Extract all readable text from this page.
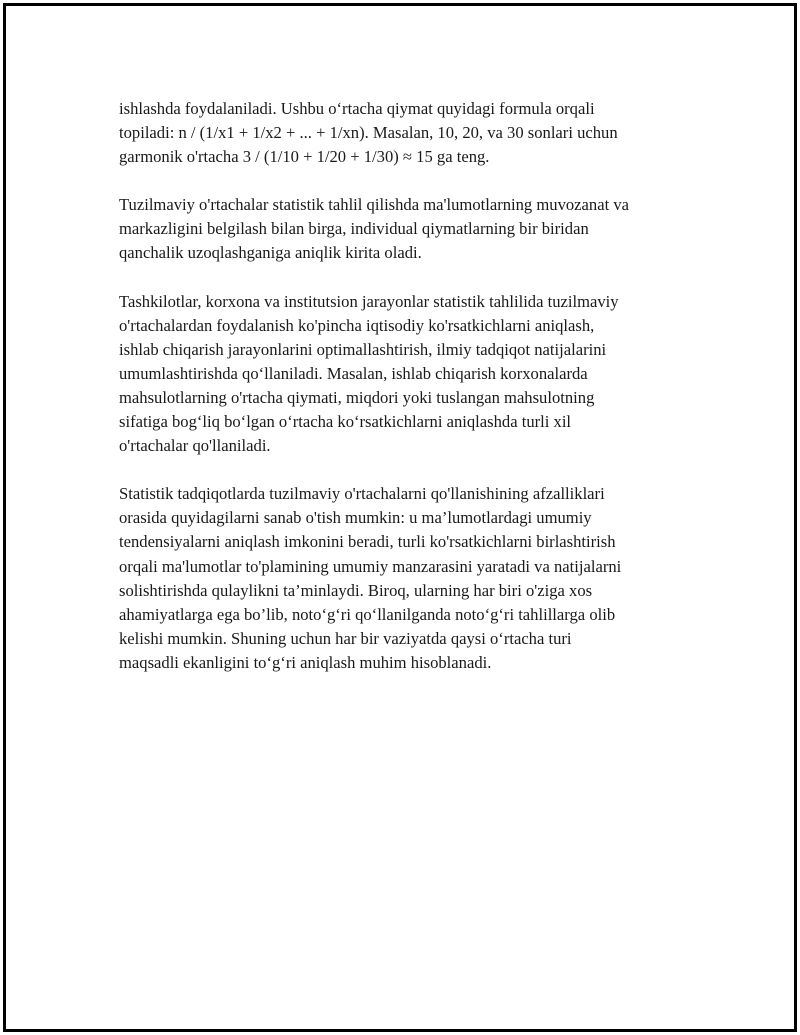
ishlashda foydalaniladi. Ushbu o‘rtacha qiymat quyidagi formula orqali
topiladi: n / (1/x1 + 1/x2 + ... + 1/xn). Masalan, 10, 20, va 30 sonlari uchun
garmonik o'rtacha 3 / (1/10 + 1/20 + 1/30) ≈ 15 ga teng.

Tuzilmaviy o'rtachalar statistik tahlil qilishda ma'lumotlarning muvozanat va
markazligini belgilash bilan birga, individual qiymatlarning bir biridan
qanchalik uzoqlashganiga aniqlik kirita oladi.

Tashkilotlar, korxona va institutsion jarayonlar statistik tahlilida tuzilmaviy
o'rtachalardan foydalanish ko'pincha iqtisodiy ko'rsatkichlarni aniqlash,
ishlab chiqarish jarayonlarini optimallashtirish, ilmiy tadqiqot natijalarini
umumlashtirishda qo‘llaniladi. Masalan, ishlab chiqarish korxonalarda
mahsulotlarning o'rtacha qiymati, miqdori yoki tuslangan mahsulotning
sifatiga bog‘liq bo‘lgan o‘rtacha ko‘rsatkichlarni aniqlashda turli xil
o'rtachalar qo'llaniladi.

Statistik tadqiqotlarda tuzilmaviy o'rtachalarni qo'llanishining afzalliklari
orasida quyidagilarni sanab o'tish mumkin: u ma’lumotlardagi umumiy
tendensiyalarni aniqlash imkonini beradi, turli ko'rsatkichlarni birlashtirish
orqali ma'lumotlar to'plamining umumiy manzarasini yaratadi va natijalarni
solishtirishda qulaylikni ta’minlaydi. Biroq, ularning har biri o'ziga xos
ahamiyatlarga ega bo’lib, noto‘g‘ri qo‘llanilganda noto‘g‘ri tahlillarga olib
kelishi mumkin. Shuning uchun har bir vaziyatda qaysi o‘rtacha turi
maqsadli ekanligini to‘g‘ri aniqlash muhim hisoblanadi.
